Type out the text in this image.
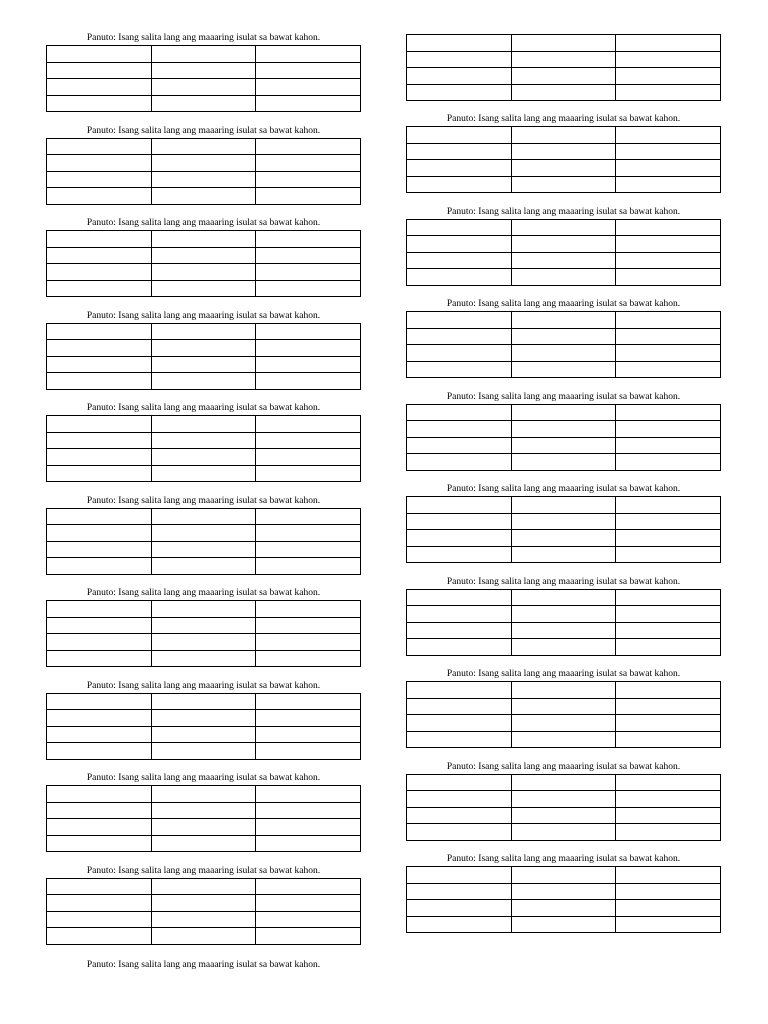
Panuto: Isang salita lang ang maaaring isulat sa bawat kahon.

Panuto: Isang salita lang ang maaaring isulat sa bawat kahon.

Panuto: Isang salita lang ang maaaring isulat sa bawat kahon.

Panuto: Isang salita lang ang maaaring isulat sa bawat kahon.

Panuto: Isang salita lang ang maaaring isulat sa bawat kahon.

Panuto: Isang salita lang ang maaaring isulat sa bawat kahon.

Panuto: Isang salita lang ang maaaring isulat sa bawat kahon.

Panuto: Isang salita lang ang maaaring isulat sa bawat kahon.

Panuto: Isang salita lang ang maaaring isulat sa bawat kahon.

Panuto: Isang salita lang ang maaaring isulat sa bawat kahon.

Panuto: Isang salita lang ang maaaring isulat sa bawat kahon.

Panuto: Isang salita lang ang maaaring isulat sa bawat kahon.

Panuto: Isang salita lang ang maaaring isulat sa bawat kahon.

Panuto: Isang salita lang ang maaaring isulat sa bawat kahon.

Panuto: Isang salita lang ang maaaring isulat sa bawat kahon.

Panuto: Isang salita lang ang maaaring isulat sa bawat kahon.

Panuto: Isang salita lang ang maaaring isulat sa bawat kahon.

Panuto: Isang salita lang ang maaaring isulat sa bawat kahon.

Panuto: Isang salita lang ang maaaring isulat sa bawat kahon.

Panuto: Isang salita lang ang maaaring isulat sa bawat kahon.
